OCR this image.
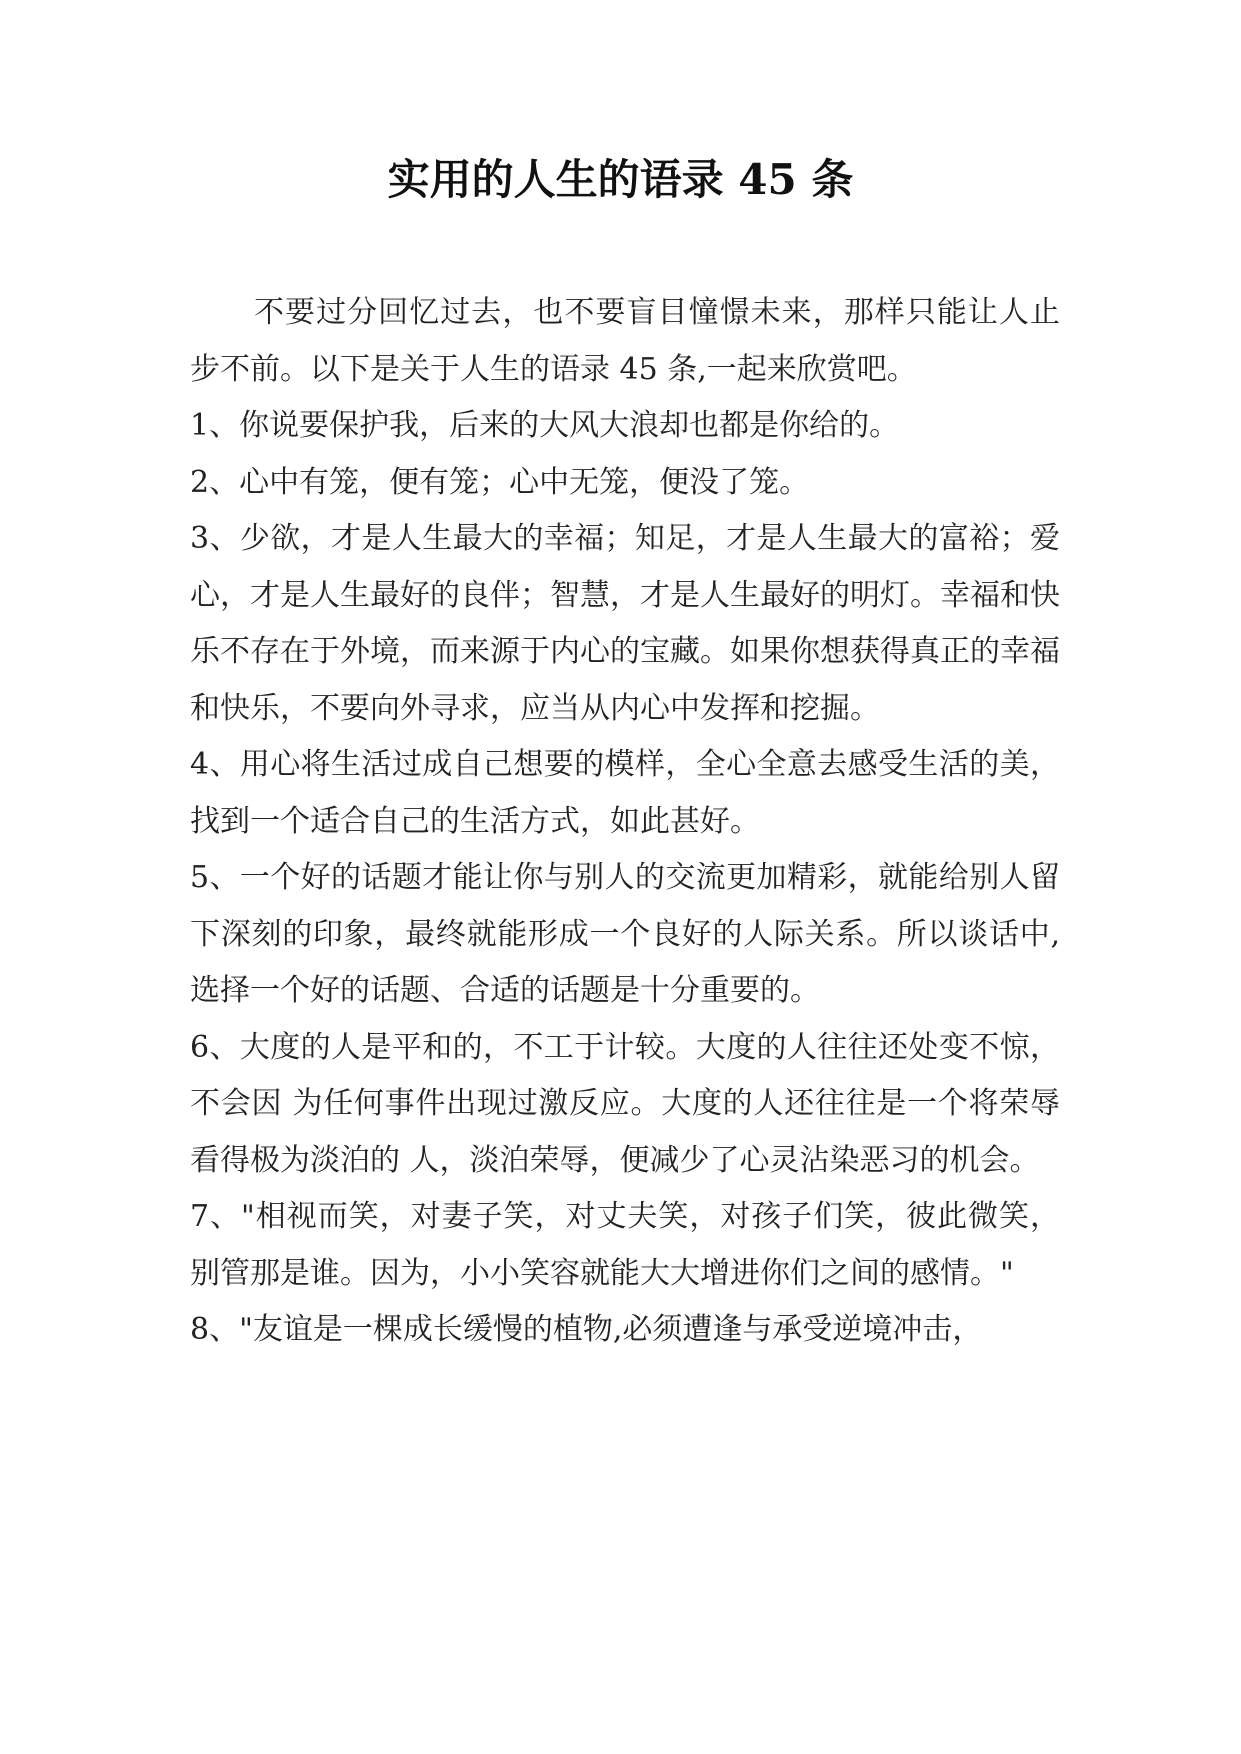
实用的人生的语录 45 条

不要过分回忆过去，也不要盲目憧憬未来，那样只能让人止步不前。以下是关于人生的语录 45 条,一起来欣赏吧。

1、你说要保护我，后来的大风大浪却也都是你给的。

2、心中有笼，便有笼；心中无笼，便没了笼。

3、少欲，才是人生最大的幸福；知足，才是人生最大的富裕；爱心，才是人生最好的良伴；智慧，才是人生最好的明灯。幸福和快乐不存在于外境，而来源于内心的宝藏。如果你想获得真正的幸福和快乐，不要向外寻求，应当从内心中发挥和挖掘。

4、用心将生活过成自己想要的模样，全心全意去感受生活的美，找到一个适合自己的生活方式，如此甚好。

5、一个好的话题才能让你与别人的交流更加精彩，就能给别人留下深刻的印象，最终就能形成一个良好的人际关系。所以谈话中,选择一个好的话题、合适的话题是十分重要的。

6、大度的人是平和的，不工于计较。大度的人往往还处变不惊，不会因 为任何事件出现过激反应。大度的人还往往是一个将荣辱看得极为淡泊的 人，淡泊荣辱，便减少了心灵沾染恶习的机会。

7、"相视而笑，对妻子笑，对丈夫笑，对孩子们笑，彼此微笑，别管那是谁。因为，小小笑容就能大大增进你们之间的感情。"

8、"友谊是一棵成长缓慢的植物,必须遭逢与承受逆境冲击，
